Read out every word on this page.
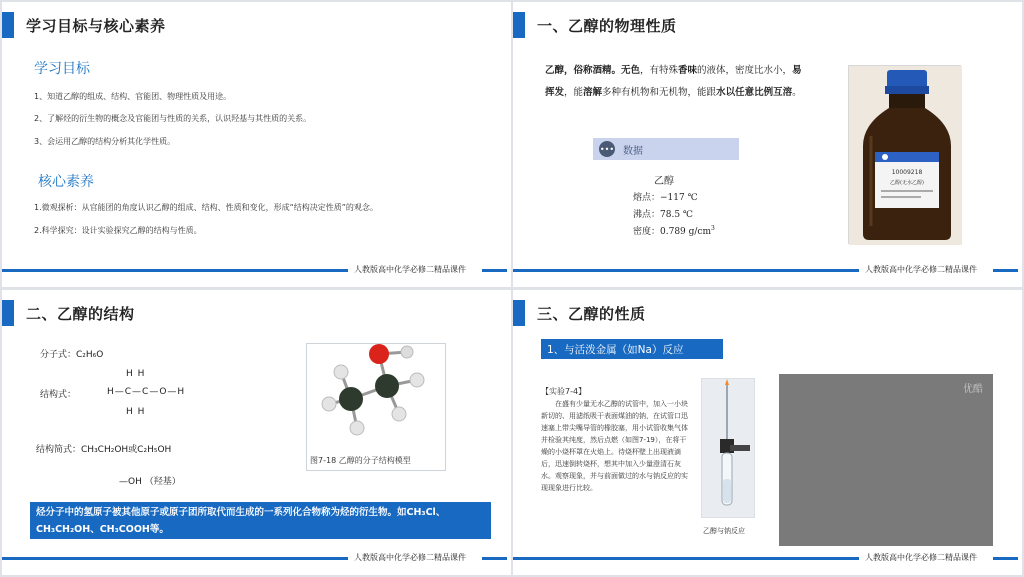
学习目标与核心素养
学习目标
1、知道乙醇的组成、结构、官能团、物理性质及用途。
2、了解烃的衍生物的概念及官能团与性质的关系，认识羟基与其性质的关系。
3、会运用乙醇的结构分析其化学性质。
核心素养
1.微观探析：从官能团的角度认识乙醇的组成、结构、性质和变化，形成“结构决定性质”的观念。
2.科学探究：设计实验探究乙醇的结构与性质。
人教版高中化学必修二精品课件
一、乙醇的物理性质
乙醇，俗称酒精。无色，有特殊香味的液体，密度比水小，易挥发，能溶解多种有机物和无机物，能跟水以任意比例互溶。
••• 数据
乙醇
熔点：−117 ℃
沸点：78.5 ℃
密度：0.789 $g/cm^3$
10009218
乙醇(无水乙醇)
人教版高中化学必修二精品课件
二、乙醇的结构
分子式：C₂H₆O
结构式：
H H
H—C—C—O—H
H H
结构简式：CH₃CH₂OH或C₂H₅OH
—OH （羟基）
图7-18 乙醇的分子结构模型
烃分子中的氢原子被其他原子或原子团所取代而生成的一系列化合物称为烃的衍生物。如CH₃Cl、CH₃CH₂OH、CH₃COOH等。
人教版高中化学必修二精品课件
三、乙醇的性质
1、与活泼金属（如Na）反应
【实验7-4】
在盛有少量无水乙醇的试管中，加入一小块新切的、用滤纸吸干表面煤油的钠，在试管口迅速塞上带尖嘴导管的橡胶塞，用小试管收集气体并检验其纯度，然后点燃（如图7-19），在将干燥的小烧杯罩在火焰上。待烧杯壁上出现液滴后，迅速倒转烧杯，想其中加入少量澄清石灰水。观察现象，并与前面做过的水与钠反应的实现现象进行比较。
乙醇与钠反应
优酷
人教版高中化学必修二精品课件
